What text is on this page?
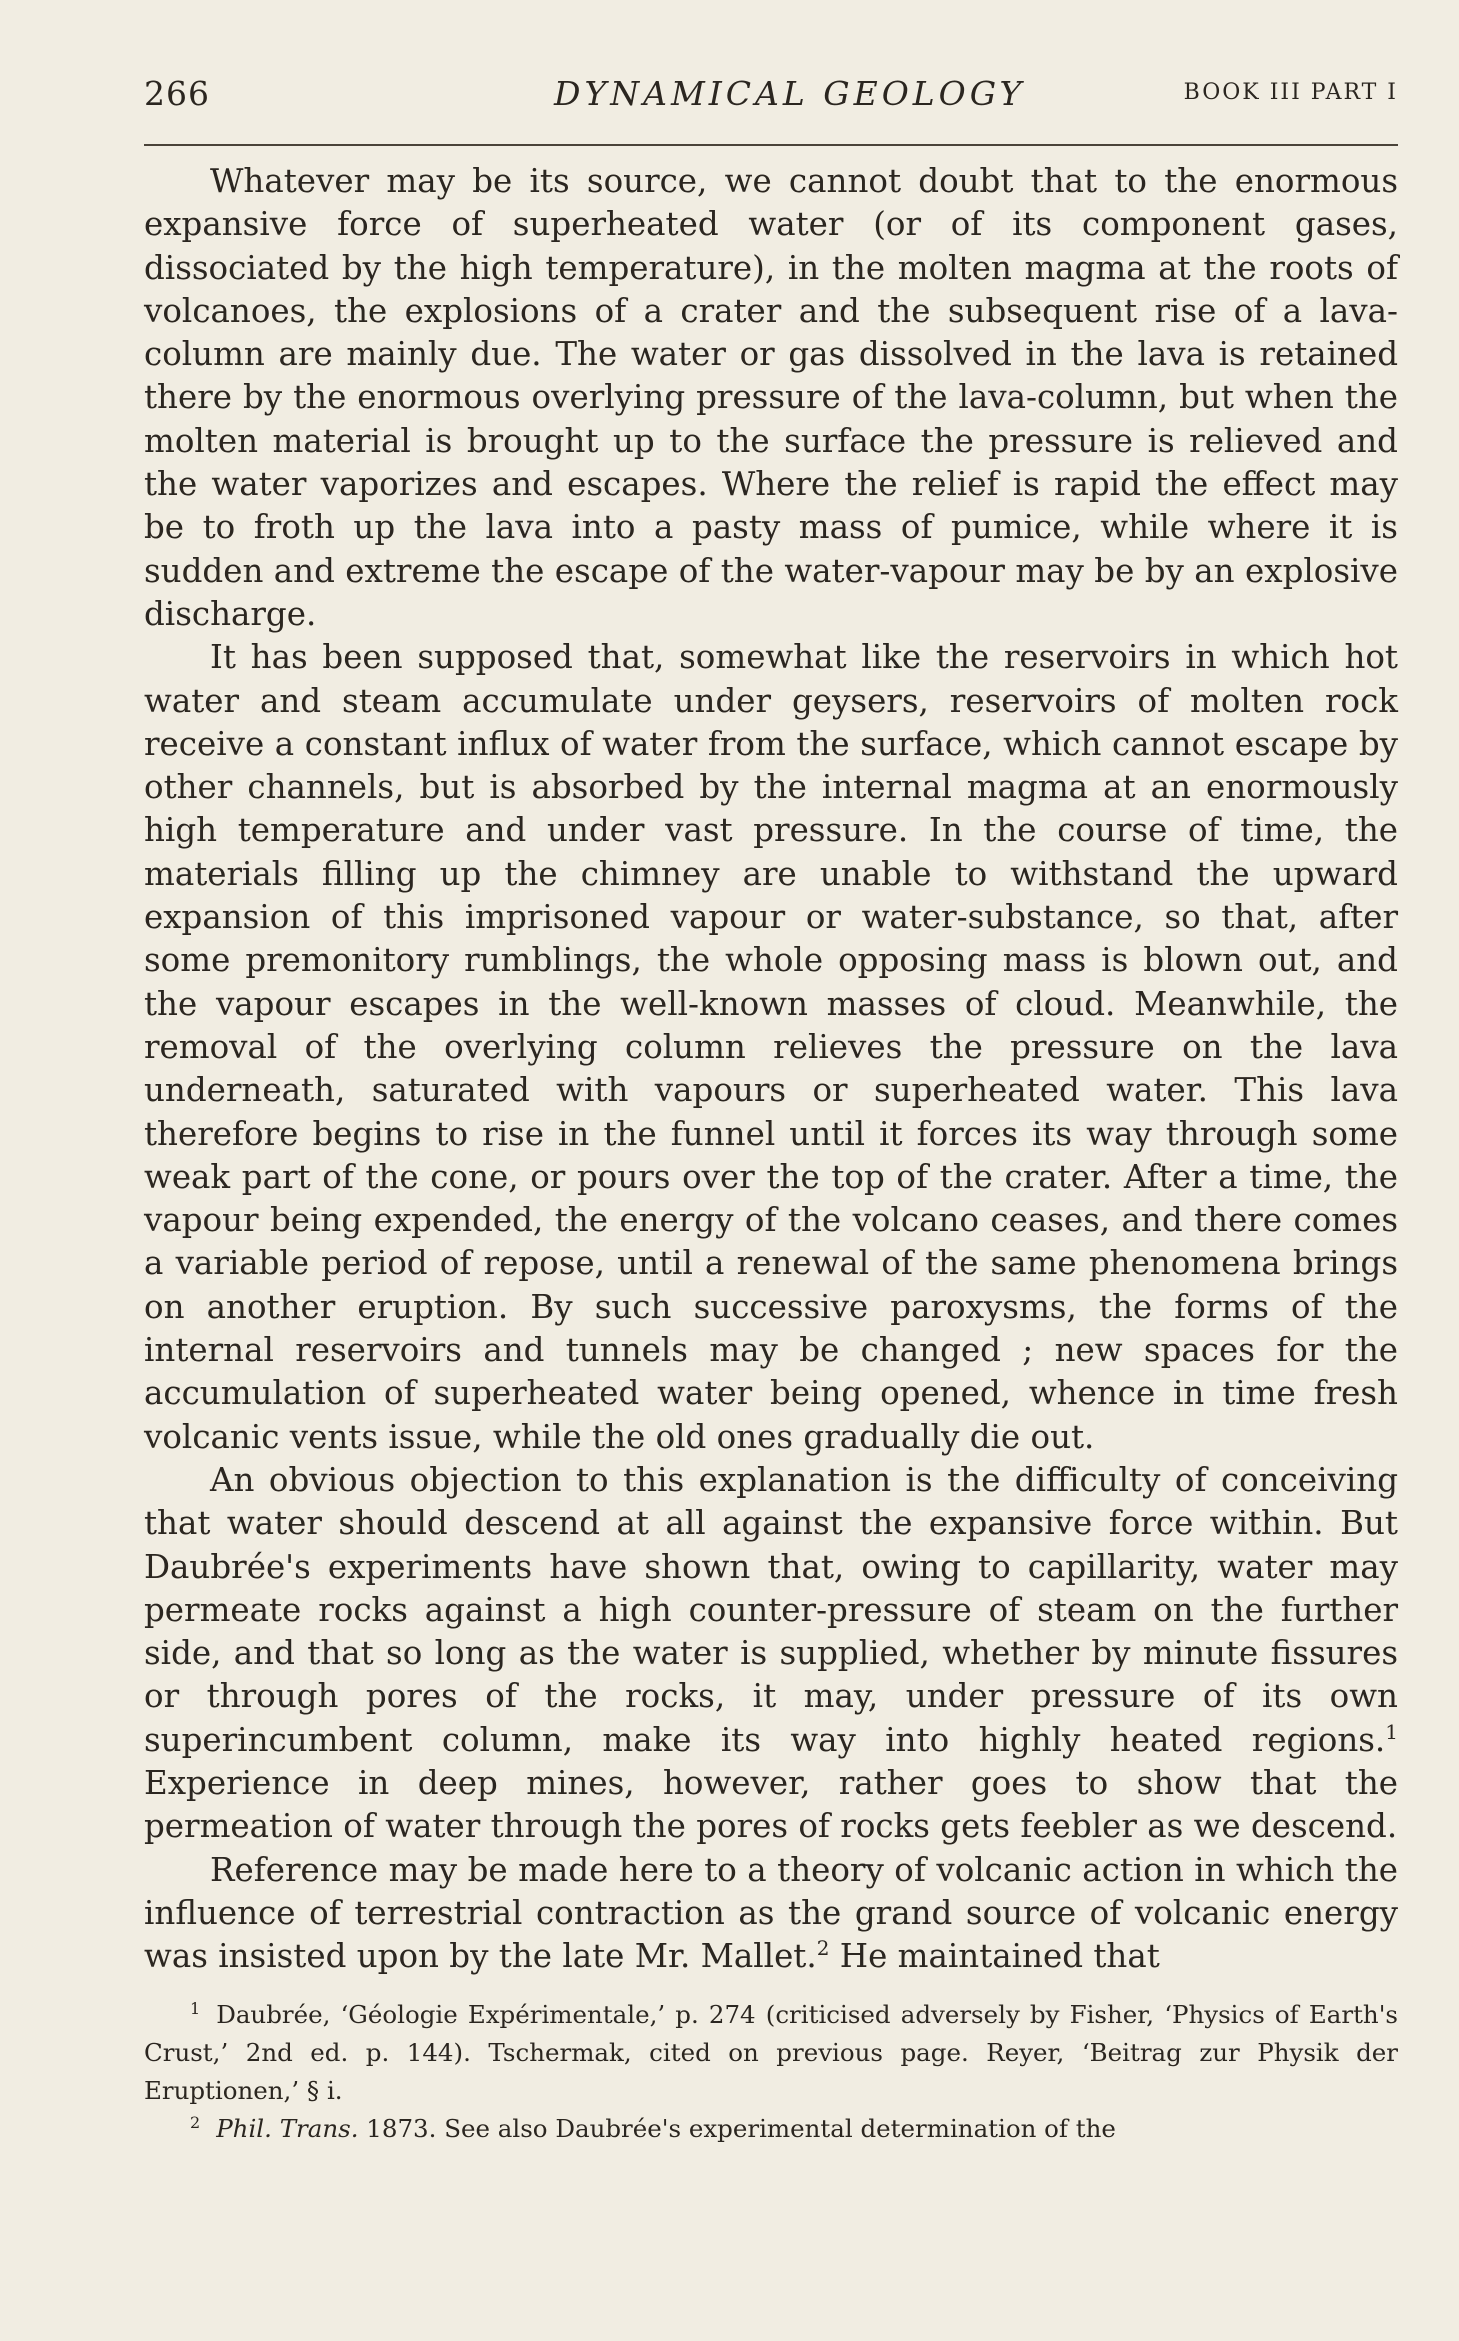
266	DYNAMICAL GEOLOGY	BOOK III PART I

Whatever may be its source, we cannot doubt that to the enormous expansive force of superheated water (or of its component gases, dissociated by the high temperature), in the molten magma at the roots of volcanoes, the explosions of a crater and the subsequent rise of a lava-column are mainly due. The water or gas dissolved in the lava is retained there by the enormous overlying pressure of the lava-column, but when the molten material is brought up to the surface the pressure is relieved and the water vaporizes and escapes. Where the relief is rapid the effect may be to froth up the lava into a pasty mass of pumice, while where it is sudden and extreme the escape of the water-vapour may be by an explosive discharge.

It has been supposed that, somewhat like the reservoirs in which hot water and steam accumulate under geysers, reservoirs of molten rock receive a constant influx of water from the surface, which cannot escape by other channels, but is absorbed by the internal magma at an enormously high temperature and under vast pressure. In the course of time, the materials filling up the chimney are unable to withstand the upward expansion of this imprisoned vapour or water-substance, so that, after some premonitory rumblings, the whole opposing mass is blown out, and the vapour escapes in the well-known masses of cloud. Meanwhile, the removal of the overlying column relieves the pressure on the lava underneath, saturated with vapours or superheated water. This lava therefore begins to rise in the funnel until it forces its way through some weak part of the cone, or pours over the top of the crater. After a time, the vapour being expended, the energy of the volcano ceases, and there comes a variable period of repose, until a renewal of the same phenomena brings on another eruption. By such successive paroxysms, the forms of the internal reservoirs and tunnels may be changed ; new spaces for the accumulation of superheated water being opened, whence in time fresh volcanic vents issue, while the old ones gradually die out.

An obvious objection to this explanation is the difficulty of conceiving that water should descend at all against the expansive force within. But Daubrée's experiments have shown that, owing to capillarity, water may permeate rocks against a high counter-pressure of steam on the further side, and that so long as the water is supplied, whether by minute fissures or through pores of the rocks, it may, under pressure of its own superincumbent column, make its way into highly heated regions.$^1$ Experience in deep mines, however, rather goes to show that the permeation of water through the pores of rocks gets feebler as we descend.

Reference may be made here to a theory of volcanic action in which the influence of terrestrial contraction as the grand source of volcanic energy was insisted upon by the late Mr. Mallet.$^2$ He maintained that

$^1$ Daubrée, ‘Géologie Expérimentale,’ p. 274 (criticised adversely by Fisher, ‘Physics of Earth's Crust,’ 2nd ed. p. 144). Tschermak, cited on previous page. Reyer, ‘Beitrag zur Physik der Eruptionen,’ § i.

$^2$ Phil. Trans. 1873. See also Daubrée's experimental determination of the
